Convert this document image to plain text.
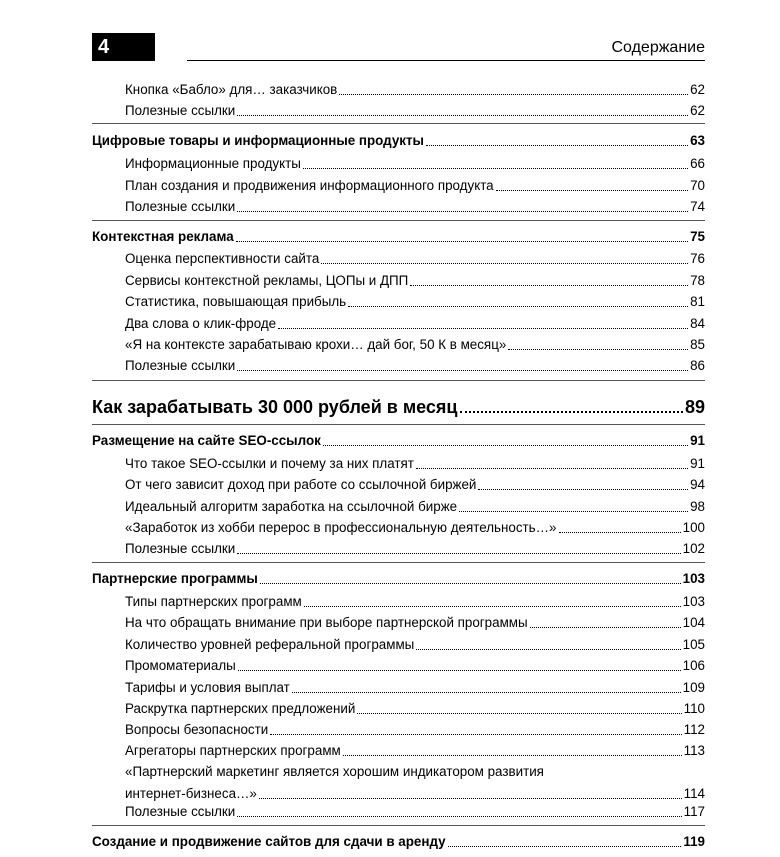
4	Содержание
Кнопка «Бабло» для… заказчиков	62
Полезные ссылки	62
Цифровые товары и информационные продукты	63
Информационные продукты	66
План создания и продвижения информационного продукта	70
Полезные ссылки	74
Контекстная реклама	75
Оценка перспективности сайта	76
Сервисы контекстной рекламы, ЦОПы и ДПП	78
Статистика, повышающая прибыль	81
Два слова о клик-фроде	84
«Я на контексте зарабатываю крохи… дай бог, 50 К в месяц»	85
Полезные ссылки	86
Как зарабатывать 30 000 рублей в месяц	89
Размещение на сайте SEO-ссылок	91
Что такое SEO-ссылки и почему за них платят	91
От чего зависит доход при работе со ссылочной биржей	94
Идеальный алгоритм заработка на ссылочной бирже	98
«Заработок из хобби перерос в профессиональную деятельность…»	100
Полезные ссылки	102
Партнерские программы	103
Типы партнерских программ	103
На что обращать внимание при выборе партнерской программы	104
Количество уровней реферальной программы	105
Промоматериалы	106
Тарифы и условия выплат	109
Раскрутка партнерских предложений	110
Вопросы безопасности	112
Агрегаторы партнерских программ	113
«Партнерский маркетинг является хорошим индикатором развития
интернет-бизнеса…»	114
Полезные ссылки	117
Создание и продвижение сайтов для сдачи в аренду	119
